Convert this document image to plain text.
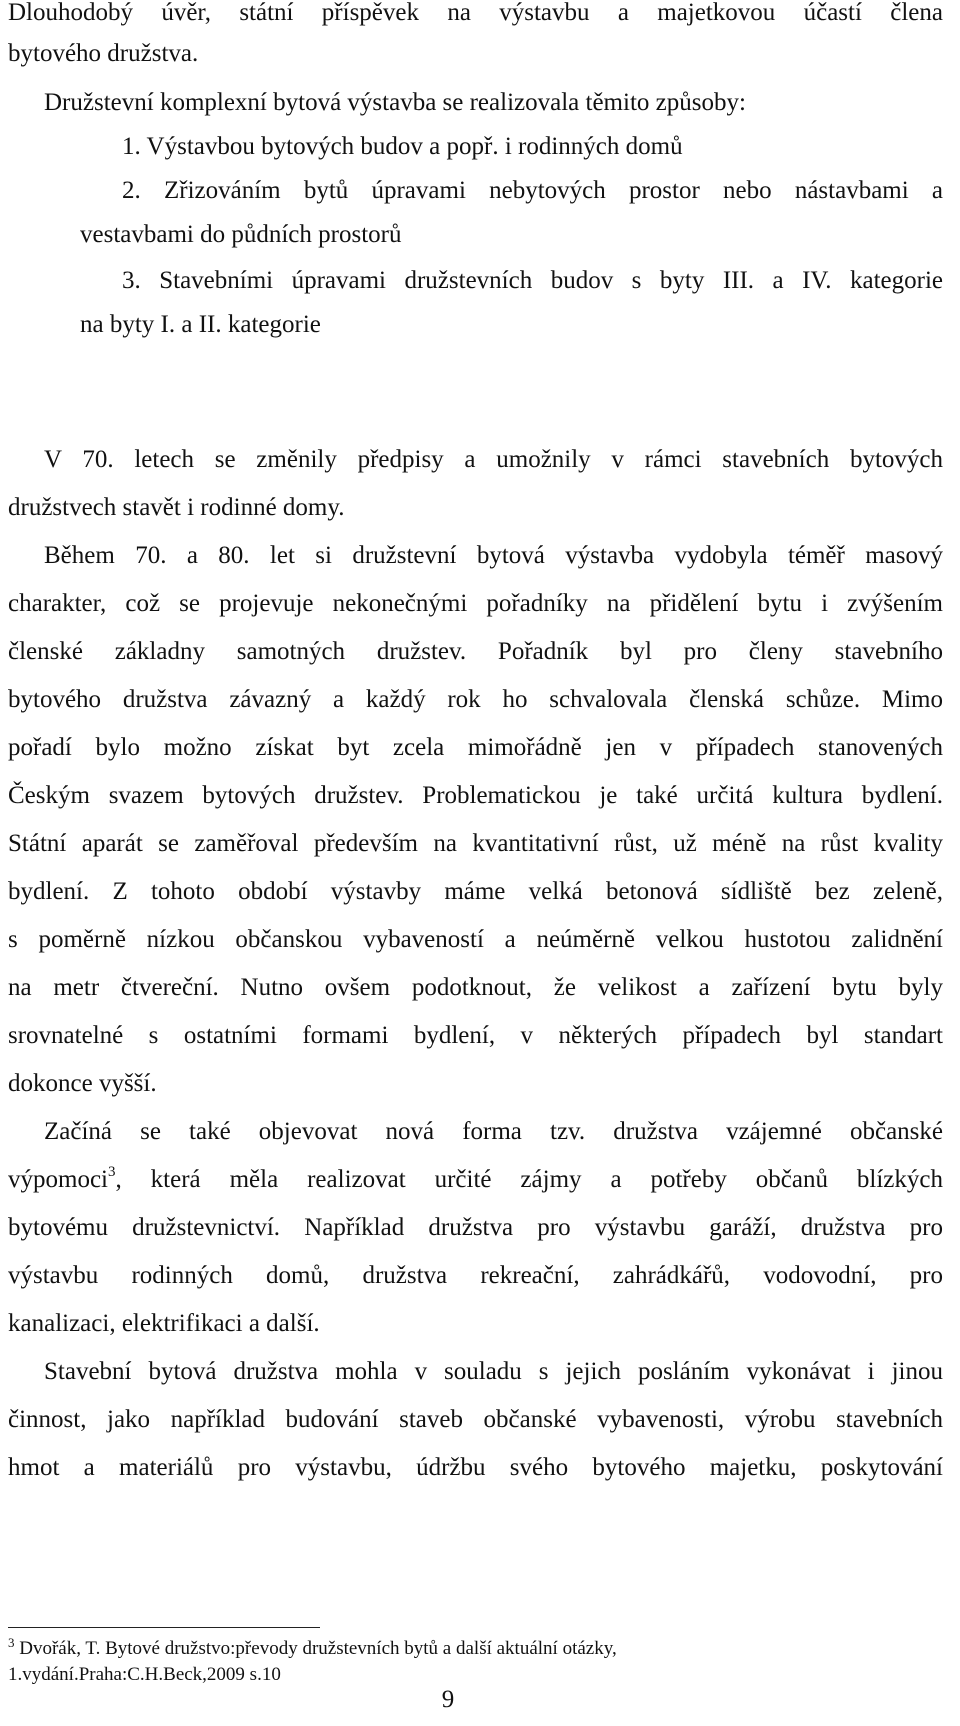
Dlouhodobý úvěr, státní příspěvek na výstavbu a majetkovou účastí člena
bytového družstva.
Družstevní komplexní bytová výstavba se realizovala těmito způsoby:
1. Výstavbou bytových budov a popř. i rodinných domů
2. Zřizováním bytů úpravami nebytových prostor nebo nástavbami a
vestavbami do půdních prostorů
3. Stavebními úpravami družstevních budov s byty III. a IV. kategorie
na byty I. a II. kategorie
V 70. letech se změnily předpisy a umožnily v rámci stavebních bytových
družstvech stavět i rodinné domy.
Během 70. a 80. let si družstevní bytová výstavba vydobyla téměř masový
charakter, což se projevuje nekonečnými pořadníky na přidělení bytu i zvýšením
členské základny samotných družstev. Pořadník byl pro členy stavebního
bytového družstva závazný a každý rok ho schvalovala členská schůze. Mimo
pořadí bylo možno získat byt zcela mimořádně jen v případech stanovených
Českým svazem bytových družstev. Problematickou je také určitá kultura bydlení.
Státní aparát se zaměřoval především na kvantitativní růst, už méně na růst kvality
bydlení. Z tohoto období výstavby máme velká betonová sídliště bez zeleně,
s poměrně nízkou občanskou vybaveností a neúměrně velkou hustotou zalidnění
na metr čtvereční. Nutno ovšem podotknout, že velikost a zařízení bytu byly
srovnatelné s ostatními formami bydlení, v některých případech byl standart
dokonce vyšší.
Začíná se také objevovat nová forma tzv. družstva vzájemné občanské
výpomoci$^3$, která měla realizovat určité zájmy a potřeby občanů blízkých
bytovému družstevnictví. Například družstva pro výstavbu garáží, družstva pro
výstavbu rodinných domů, družstva rekreační, zahrádkářů, vodovodní, pro
kanalizaci, elektrifikaci a další.
Stavební bytová družstva mohla v souladu s jejich posláním vykonávat i jinou
činnost, jako například budování staveb občanské vybavenosti, výrobu stavebních
hmot a materiálů pro výstavbu, údržbu svého bytového majetku, poskytování
$^3$ Dvořák, T. Bytové družstvo:převody družstevních bytů a další aktuální otázky,
1.vydání.Praha:C.H.Beck,2009 s.10
9
